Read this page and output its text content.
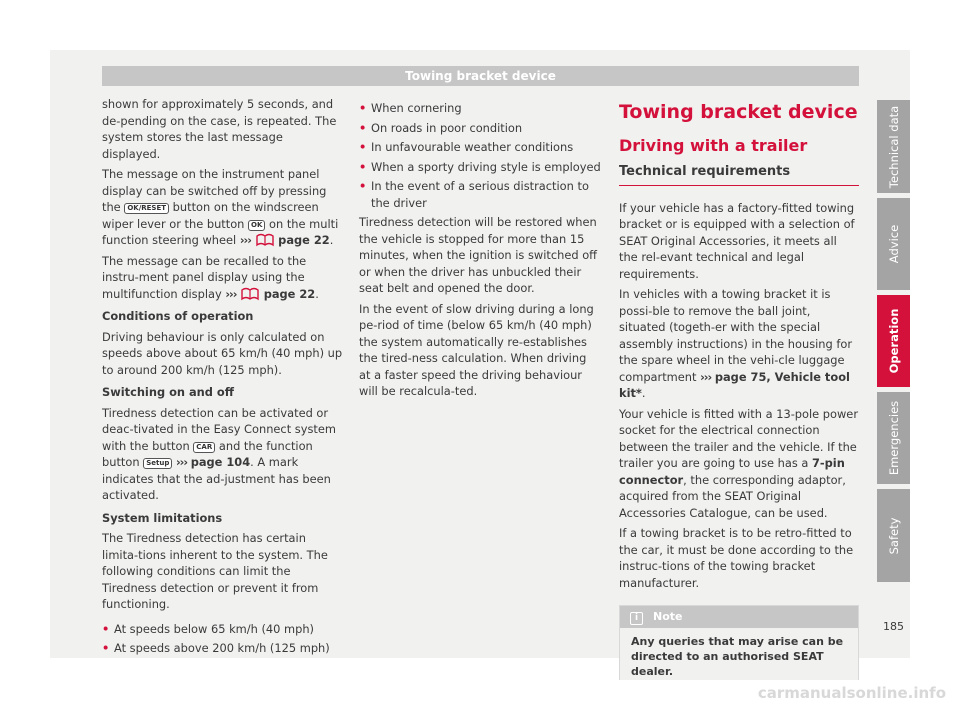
Towing bracket device

shown for approximately 5 seconds, and de-pending on the case, is repeated. The system stores the last message displayed.

The message on the instrument panel display can be switched off by pressing the OK/RESET button on the windscreen wiper lever or the button OK on the multi function steering wheel ››› page 22.

The message can be recalled to the instru-ment panel display using the multifunction display ››› page 22.

Conditions of operation

Driving behaviour is only calculated on speeds above about 65 km/h (40 mph) up to around 200 km/h (125 mph).

Switching on and off

Tiredness detection can be activated or deac-tivated in the Easy Connect system with the button CAR and the function button Setup ››› page 104. A mark indicates that the ad-justment has been activated.

System limitations

The Tiredness detection has certain limita-tions inherent to the system. The following conditions can limit the Tiredness detection or prevent it from functioning.

• At speeds below 65 km/h (40 mph)

• At speeds above 200 km/h (125 mph)

• When cornering

• On roads in poor condition

• In unfavourable weather conditions

• When a sporty driving style is employed

• In the event of a serious distraction to the driver

Tiredness detection will be restored when the vehicle is stopped for more than 15 minutes, when the ignition is switched off or when the driver has unbuckled their seat belt and opened the door.

In the event of slow driving during a long pe-riod of time (below 65 km/h (40 mph) the system automatically re-establishes the tired-ness calculation. When driving at a faster speed the driving behaviour will be recalcula-ted.

Towing bracket device
Driving with a trailer
Technical requirements

If your vehicle has a factory-fitted towing bracket or is equipped with a selection of SEAT Original Accessories, it meets all the rel-evant technical and legal requirements.

In vehicles with a towing bracket it is possi-ble to remove the ball joint, situated (togeth-er with the special assembly instructions) in the housing for the spare wheel in the vehi-cle luggage compartment ››› page 75, Vehicle tool kit*.

Your vehicle is fitted with a 13-pole power socket for the electrical connection between the trailer and the vehicle. If the trailer you are going to use has a 7-pin connector, the corresponding adaptor, acquired from the SEAT Original Accessories Catalogue, can be used.

If a towing bracket is to be retro-fitted to the car, it must be done according to the instruc-tions of the towing bracket manufacturer.

i Note
Any queries that may arise can be directed to an authorised SEAT dealer.
Technical data
Advice
Operation
Emergencies
Safety
185
carmanualsonline.info
